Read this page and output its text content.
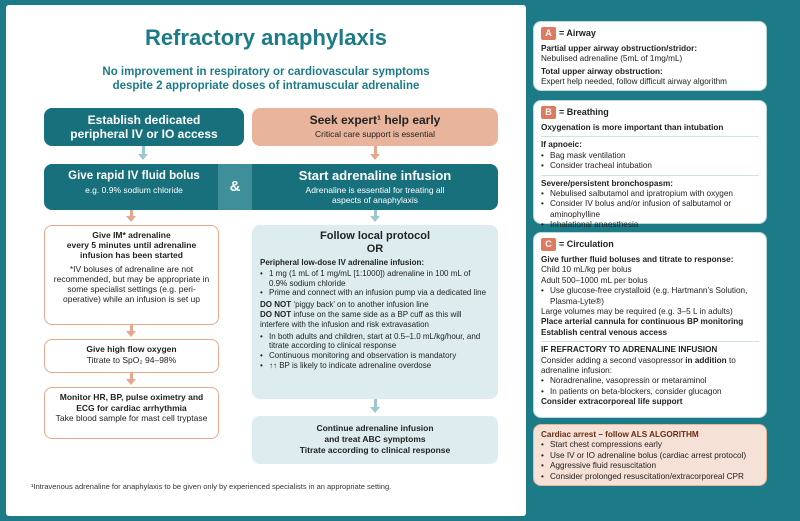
Refractory anaphylaxis
No improvement in respiratory or cardiovascular symptoms
despite 2 appropriate doses of intramuscular adrenaline
Establish dedicated
peripheral IV or IO access
Give rapid IV fluid bolus
e.g. 0.9% sodium chloride	&
Start adrenaline infusion
Adrenaline is essential for treating all aspects of anaphylaxis
Give IM* adrenaline
every 5 minutes until adrenaline
infusion has been started
*IV boluses of adrenaline are not recommended, but may be appropriate in some specialist settings (e.g. peri-operative) while an infusion is set up
Give high flow oxygen
Titrate to SpO₂ 94–98%
Monitor HR, BP, pulse oximetry and ECG for cardiac arrhythmia
Take blood sample for mast cell tryptase
Seek expert¹ help early
Critical care support is essential
Follow local protocol
OR
Peripheral low-dose IV adrenaline infusion:
• 1 mg (1 mL of 1 mg/mL [1:1000]) adrenaline in 100 mL of 0.9% sodium chloride
• Prime and connect with an infusion pump via a dedicated line
DO NOT ‘piggy back’ on to another infusion line
DO NOT infuse on the same side as a BP cuff as this will interfere with the infusion and risk extravasation
• In both adults and children, start at 0.5–1.0 mL/kg/hour, and titrate according to clinical response
• Continuous monitoring and observation is mandatory
• ↑↑ BP is likely to indicate adrenaline overdose
Continue adrenaline infusion
and treat ABC symptoms
Titrate according to clinical response
¹Intravenous adrenaline for anaphylaxis to be given only by experienced specialists in an appropriate setting.
A = Airway
Partial upper airway obstruction/stridor:
Nebulised adrenaline (5mL of 1mg/mL)
Total upper airway obstruction:
Expert help needed, follow difficult airway algorithm
B = Breathing
Oxygenation is more important than intubation
If apnoeic:
• Bag mask ventilation
• Consider tracheal intubation
Severe/persistent bronchospasm:
• Nebulised salbutamol and ipratropium with oxygen
• Consider IV bolus and/or infusion of salbutamol or aminophylline
• Inhalational anaesthesia
C = Circulation
Give further fluid boluses and titrate to response:
Child 10 mL/kg per bolus
Adult 500–1000 mL per bolus
• Use glucose-free crystalloid (e.g. Hartmann’s Solution, Plasma-Lyte®)
Large volumes may be required (e.g. 3–5 L in adults)
Place arterial cannula for continuous BP monitoring
Establish central venous access
IF REFRACTORY TO ADRENALINE INFUSION
Consider adding a second vasopressor in addition to adrenaline infusion:
• Noradrenaline, vasopressin or metaraminol
• In patients on beta-blockers, consider glucagon
Consider extracorporeal life support
Cardiac arrest – follow ALS ALGORITHM
• Start chest compressions early
• Use IV or IO adrenaline bolus (cardiac arrest protocol)
• Aggressive fluid resuscitation
• Consider prolonged resuscitation/extracorporeal CPR
